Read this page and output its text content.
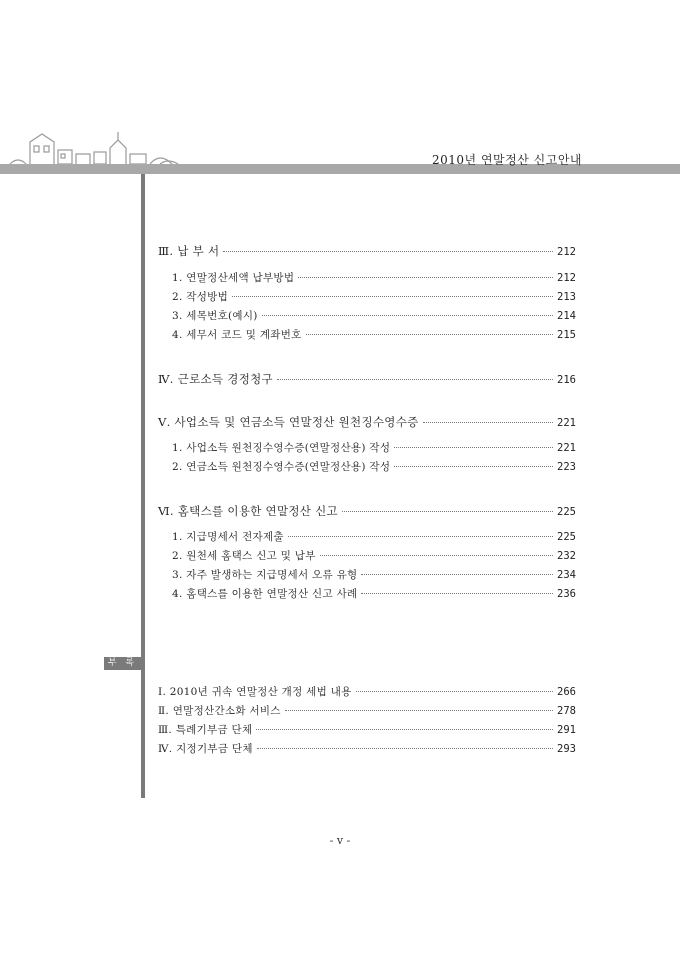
2010년 연말정산 신고안내
부 록
Ⅲ. 납 부 서	212
1. 연말정산세액 납부방법	212
2. 작성방법	213
3. 세목번호(예시)	214
4. 세무서 코드 및 계좌번호	215
Ⅳ. 근로소득 경정청구	216
Ⅴ. 사업소득 및 연금소득 연말정산 원천징수영수증	221
1. 사업소득 원천징수영수증(연말정산용) 작성	221
2. 연금소득 원천징수영수증(연말정산용) 작성	223
Ⅵ. 홈택스를 이용한 연말정산 신고	225
1. 지급명세서 전자제출	225
2. 원천세 홈택스 신고 및 납부	232
3. 자주 발생하는 지급명세서 오류 유형	234
4. 홈택스를 이용한 연말정산 신고 사례	236
Ⅰ. 2010년 귀속 연말정산 개정 세법 내용	266
Ⅱ. 연말정산간소화 서비스	278
Ⅲ. 특례기부금 단체	291
Ⅳ. 지정기부금 단체	293
- v -
